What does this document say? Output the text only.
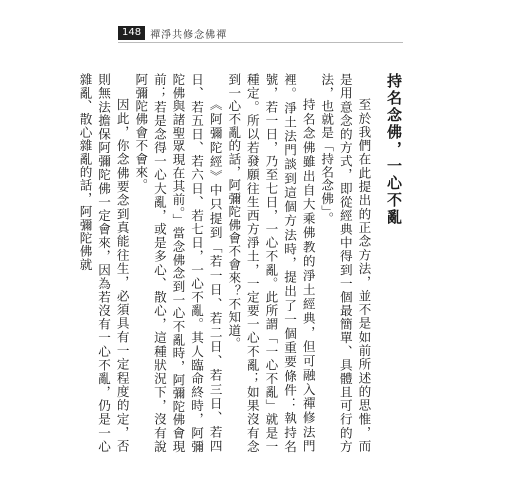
148 禪淨共修念佛禪
持名念佛，一心不亂

至於我們在此提出的正念方法，並不是如前所述的思惟，而是用意念的方式，即從經典中得到一個最簡單、具體且可行的方法，也就是「持名念佛」。

持名念佛雖出自大乘佛教的淨土經典，但可融入禪修法門裡。淨土法門談到這個方法時，提出了一個重要條件：執持名號，若一日，乃至七日，一心不亂。此所謂「一心不亂」就是一種定。所以若發願往生西方淨土，一定要一心不亂；如果沒有念到一心不亂的話，阿彌陀佛會不會來？不知道。

《阿彌陀經》中只提到「若一日、若二日、若三日、若四日、若五日、若六日、若七日，一心不亂。其人臨命終時，阿彌陀佛與諸聖眾現在其前。」當念佛念到一心不亂時，阿彌陀佛會現前；若是念得一心大亂，或是多心、散心，這種狀況下，沒有說阿彌陀佛會不會來。

因此，你念佛要念到真能往生，必須具有一定程度的定，否則無法擔保阿彌陀佛一定會來，因為若沒有一心不亂，仍是一心雜亂、散心雜亂的話，阿彌陀佛就
